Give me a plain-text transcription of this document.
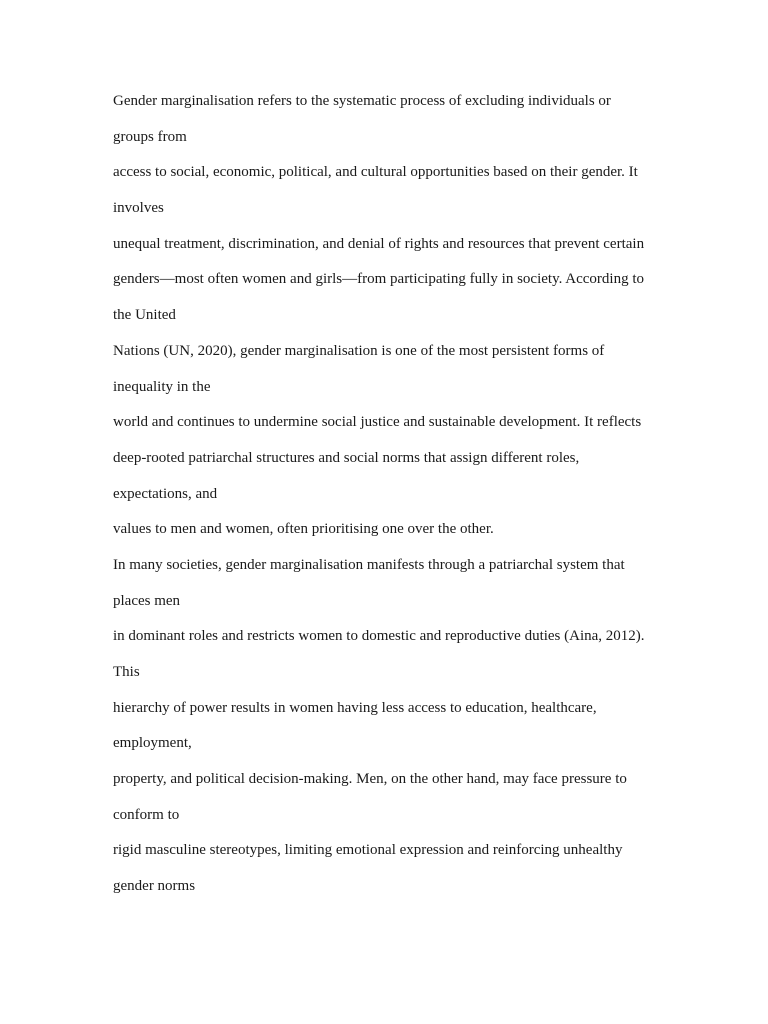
Gender marginalisation refers to the systematic process of excluding individuals or
groups from
access to social, economic, political, and cultural opportunities based on their gender. It
involves
unequal treatment, discrimination, and denial of rights and resources that prevent certain
genders—most often women and girls—from participating fully in society. According to
the United
Nations (UN, 2020), gender marginalisation is one of the most persistent forms of
inequality in the
world and continues to undermine social justice and sustainable development. It reflects
deep-rooted patriarchal structures and social norms that assign different roles,
expectations, and
values to men and women, often prioritising one over the other.
In many societies, gender marginalisation manifests through a patriarchal system that
places men
in dominant roles and restricts women to domestic and reproductive duties (Aina, 2012).
This
hierarchy of power results in women having less access to education, healthcare,
employment,
property, and political decision-making. Men, on the other hand, may face pressure to
conform to
rigid masculine stereotypes, limiting emotional expression and reinforcing unhealthy
gender norms
